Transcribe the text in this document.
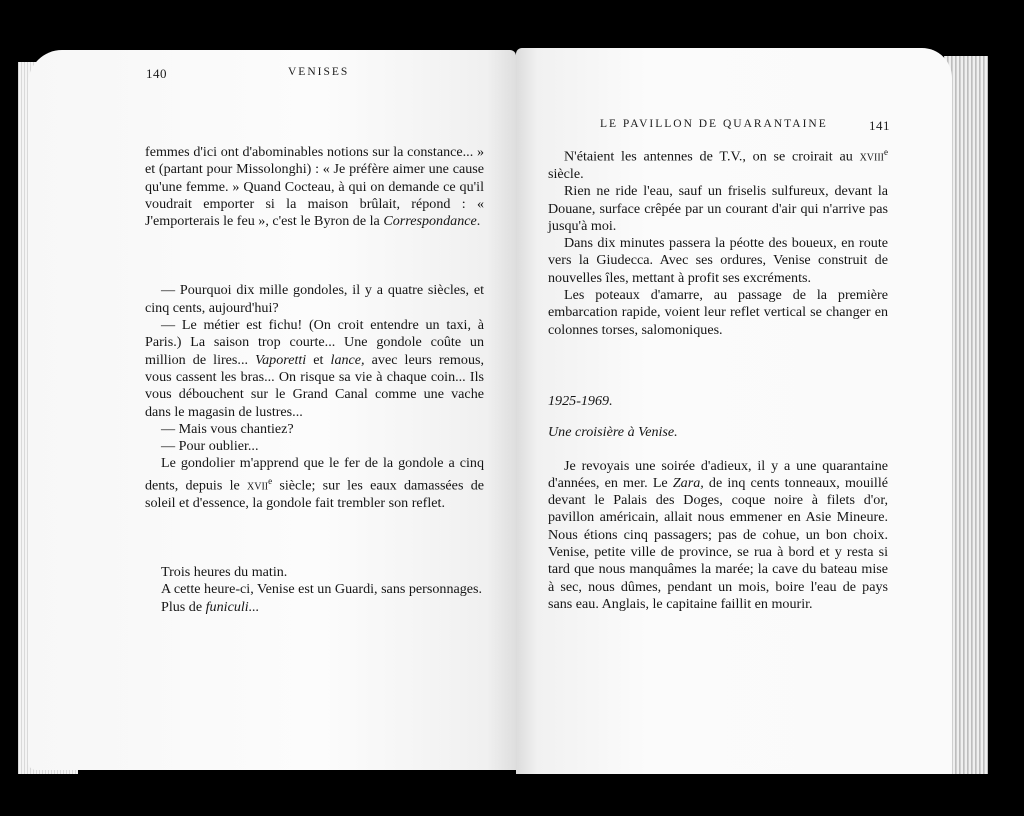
140	VENISES

femmes d'ici ont d'abominables notions sur la constance... » et (partant pour Missolonghi) : « Je préfère aimer une cause qu'une femme. » Quand Cocteau, à qui on demande ce qu'il voudrait emporter si la maison brûlait, répond : « J'emporterais le feu », c'est le Byron de la Correspondance.

— Pourquoi dix mille gondoles, il y a quatre siècles, et cinq cents, aujourd'hui?

— Le métier est fichu! (On croit entendre un taxi, à Paris.) La saison trop courte... Une gondole coûte un million de lires... Vaporetti et lance, avec leurs remous, vous cassent les bras... On risque sa vie à chaque coin... Ils vous débouchent sur le Grand Canal comme une vache dans le magasin de lustres...

— Mais vous chantiez?

— Pour oublier...

Le gondolier m'apprend que le fer de la gondole a cinq dents, depuis le xvii$^e$ siècle; sur les eaux damassées de soleil et d'essence, la gondole fait trembler son reflet.

Trois heures du matin.

A cette heure-ci, Venise est un Guardi, sans personnages.

Plus de funiculi...

LE PAVILLON DE QUARANTAINE	141

N'étaient les antennes de T.V., on se croirait au xviii$^e$ siècle.

Rien ne ride l'eau, sauf un friselis sulfureux, devant la Douane, surface crêpée par un courant d'air qui n'arrive pas jusqu'à moi.

Dans dix minutes passera la péotte des boueux, en route vers la Giudecca. Avec ses ordures, Venise construit de nouvelles îles, mettant à profit ses excréments.

Les poteaux d'amarre, au passage de la première embarcation rapide, voient leur reflet vertical se changer en colonnes torses, salomoniques.

1925-1969.

Une croisière à Venise.

Je revoyais une soirée d'adieux, il y a une quarantaine d'années, en mer. Le Zara, de inq cents tonneaux, mouillé devant le Palais des Doges, coque noire à filets d'or, pavillon américain, allait nous emmener en Asie Mineure. Nous étions cinq passagers; pas de cohue, un bon choix. Venise, petite ville de province, se rua à bord et y resta si tard que nous manquâmes la marée; la cave du bateau mise à sec, nous dûmes, pendant un mois, boire l'eau de pays sans eau. Anglais, le capitaine faillit en mourir.
